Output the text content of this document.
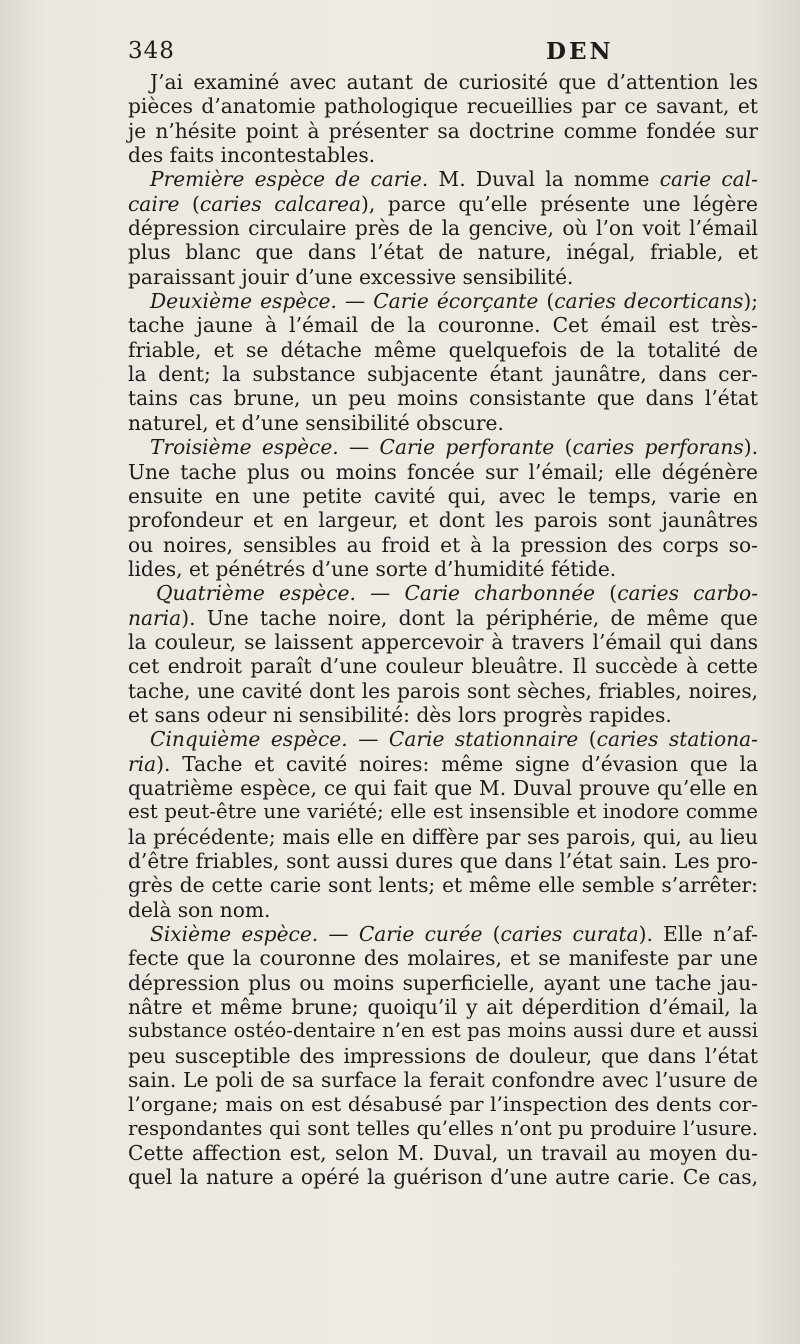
348	DEN
J’ai examiné avec autant de curiosité que d’attention les
pièces d’anatomie pathologique recueillies par ce savant, et
je n’hésite point à présenter sa doctrine comme fondée sur
des faits incontestables.
Première espèce de carie. M. Duval la nomme carie cal-
caire (caries calcarea), parce qu’elle présente une légère
dépression circulaire près de la gencive, où l’on voit l’émail
plus blanc que dans l’état de nature, inégal, friable, et
paraissant jouir d’une excessive sensibilité.
Deuxième espèce. — Carie écorçante (caries decorticans);
tache jaune à l’émail de la couronne. Cet émail est très-
friable, et se détache même quelquefois de la totalité de
la dent; la substance subjacente étant jaunâtre, dans cer-
tains cas brune, un peu moins consistante que dans l’état
naturel, et d’une sensibilité obscure.
Troisième espèce. — Carie perforante (caries perforans).
Une tache plus ou moins foncée sur l’émail; elle dégénère
ensuite en une petite cavité qui, avec le temps, varie en
profondeur et en largeur, et dont les parois sont jaunâtres
ou noires, sensibles au froid et à la pression des corps so-
lides, et pénétrés d’une sorte d’humidité fétide.
Quatrième espèce. — Carie charbonnée (caries carbo-
naria). Une tache noire, dont la périphérie, de même que
la couleur, se laissent appercevoir à travers l’émail qui dans
cet endroit paraît d’une couleur bleuâtre. Il succède à cette
tache, une cavité dont les parois sont sèches, friables, noires,
et sans odeur ni sensibilité: dès lors progrès rapides.
Cinquième espèce. — Carie stationnaire (caries stationa-
ria). Tache et cavité noires: même signe d’évasion que la
quatrième espèce, ce qui fait que M. Duval prouve qu’elle en
est peut-être une variété; elle est insensible et inodore comme
la précédente; mais elle en diffère par ses parois, qui, au lieu
d’être friables, sont aussi dures que dans l’état sain. Les pro-
grès de cette carie sont lents; et même elle semble s’arrêter:
delà son nom.
Sixième espèce. — Carie curée (caries curata). Elle n’af-
fecte que la couronne des molaires, et se manifeste par une
dépression plus ou moins superficielle, ayant une tache jau-
nâtre et même brune; quoiqu’il y ait déperdition d’émail, la
substance ostéo-dentaire n’en est pas moins aussi dure et aussi
peu susceptible des impressions de douleur, que dans l’état
sain. Le poli de sa surface la ferait confondre avec l’usure de
l’organe; mais on est désabusé par l’inspection des dents cor-
respondantes qui sont telles qu’elles n’ont pu produire l’usure.
Cette affection est, selon M. Duval, un travail au moyen du-
quel la nature a opéré la guérison d’une autre carie. Ce cas,
